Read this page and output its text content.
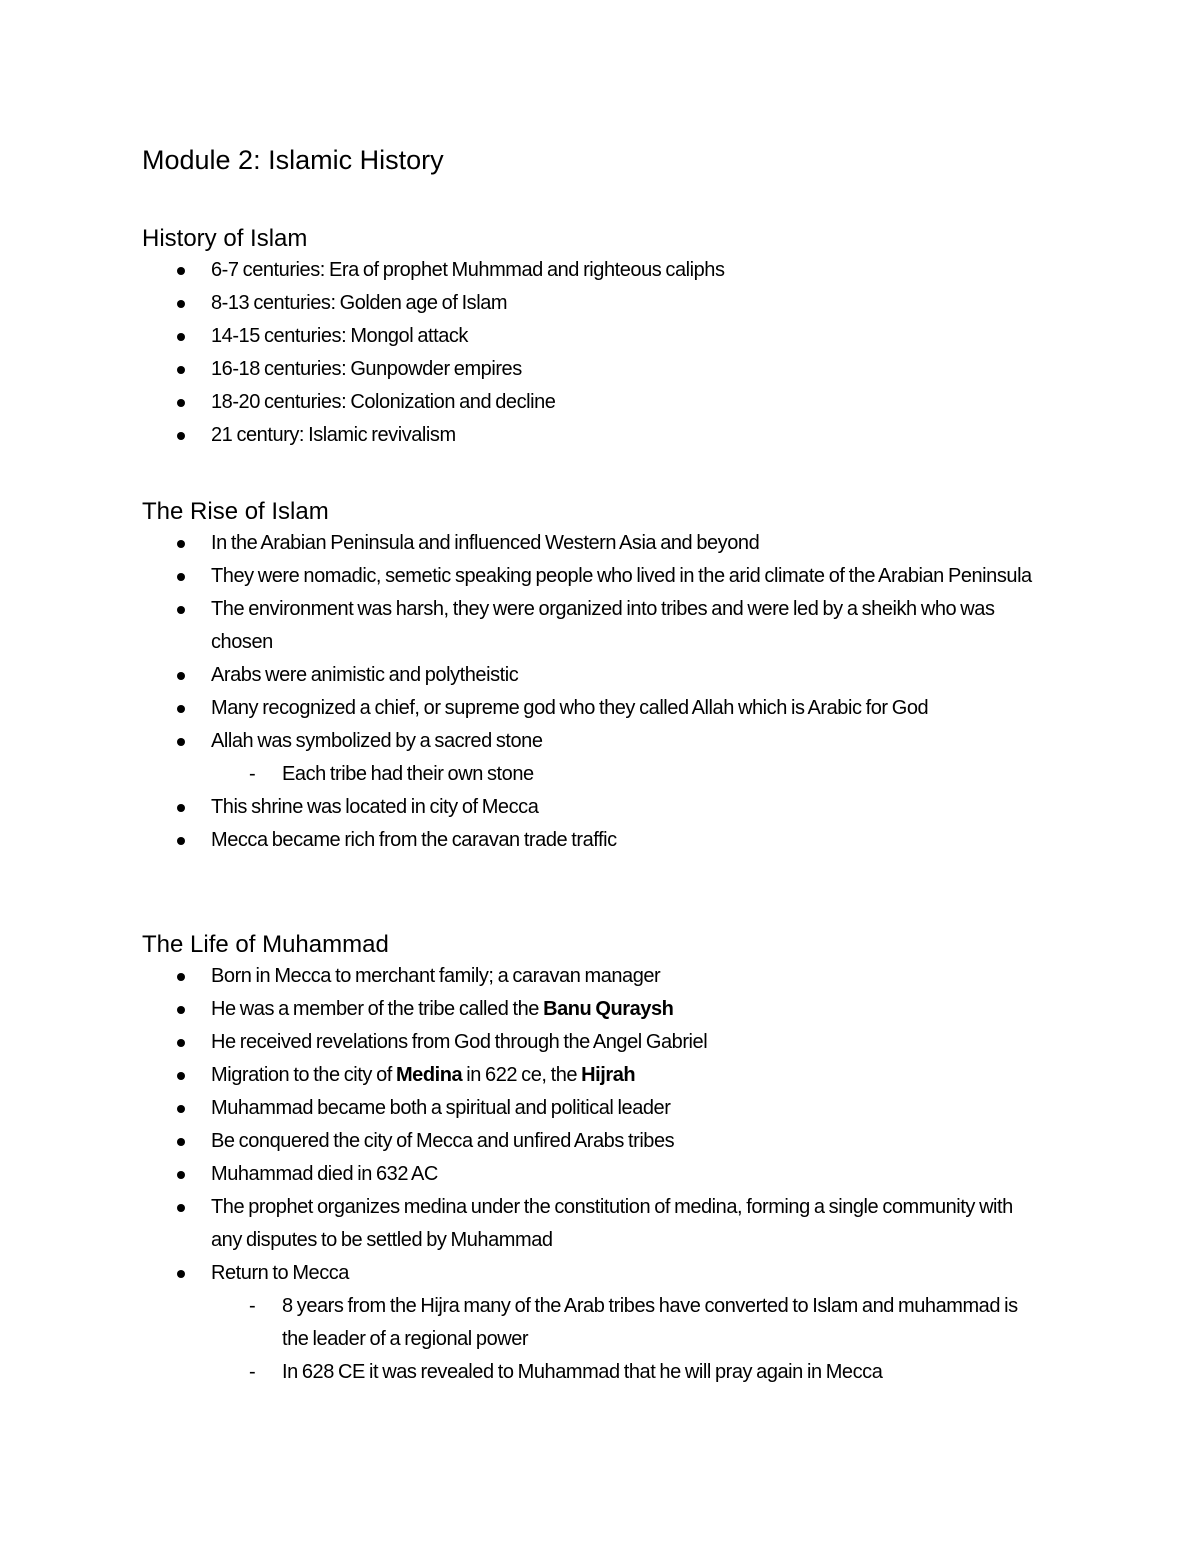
Module 2: Islamic History
History of Islam
6-7 centuries: Era of prophet Muhmmad and righteous caliphs
8-13 centuries: Golden age of Islam
14-15 centuries: Mongol attack
16-18 centuries: Gunpowder empires
18-20 centuries: Colonization and decline
21 century: Islamic revivalism
The Rise of Islam
In the Arabian Peninsula and influenced Western Asia and beyond
They were nomadic, semetic speaking people who lived in the arid climate of the Arabian Peninsula
The environment was harsh, they were organized into tribes and were led by a sheikh who was chosen
Arabs were animistic and polytheistic
Many recognized a chief, or supreme god who they called Allah which is Arabic for God
Allah was symbolized by a sacred stone
- Each tribe had their own stone
This shrine was located in city of Mecca
Mecca became rich from the caravan trade traffic
The Life of Muhammad
Born in Mecca to merchant family; a caravan manager
He was a member of the tribe called the Banu Quraysh
He received revelations from God through the Angel Gabriel
Migration to the city of Medina in 622 ce, the Hijrah
Muhammad became both a spiritual and political leader
Be conquered the city of Mecca and unfired Arabs tribes
Muhammad died in 632 AC
The prophet organizes medina under the constitution of medina, forming a single community with any disputes to be settled by Muhammad
Return to Mecca
- 8 years from the Hijra many of the Arab tribes have converted to Islam and muhammad is the leader of a regional power
- In 628 CE it was revealed to Muhammad that he will pray again in Mecca
